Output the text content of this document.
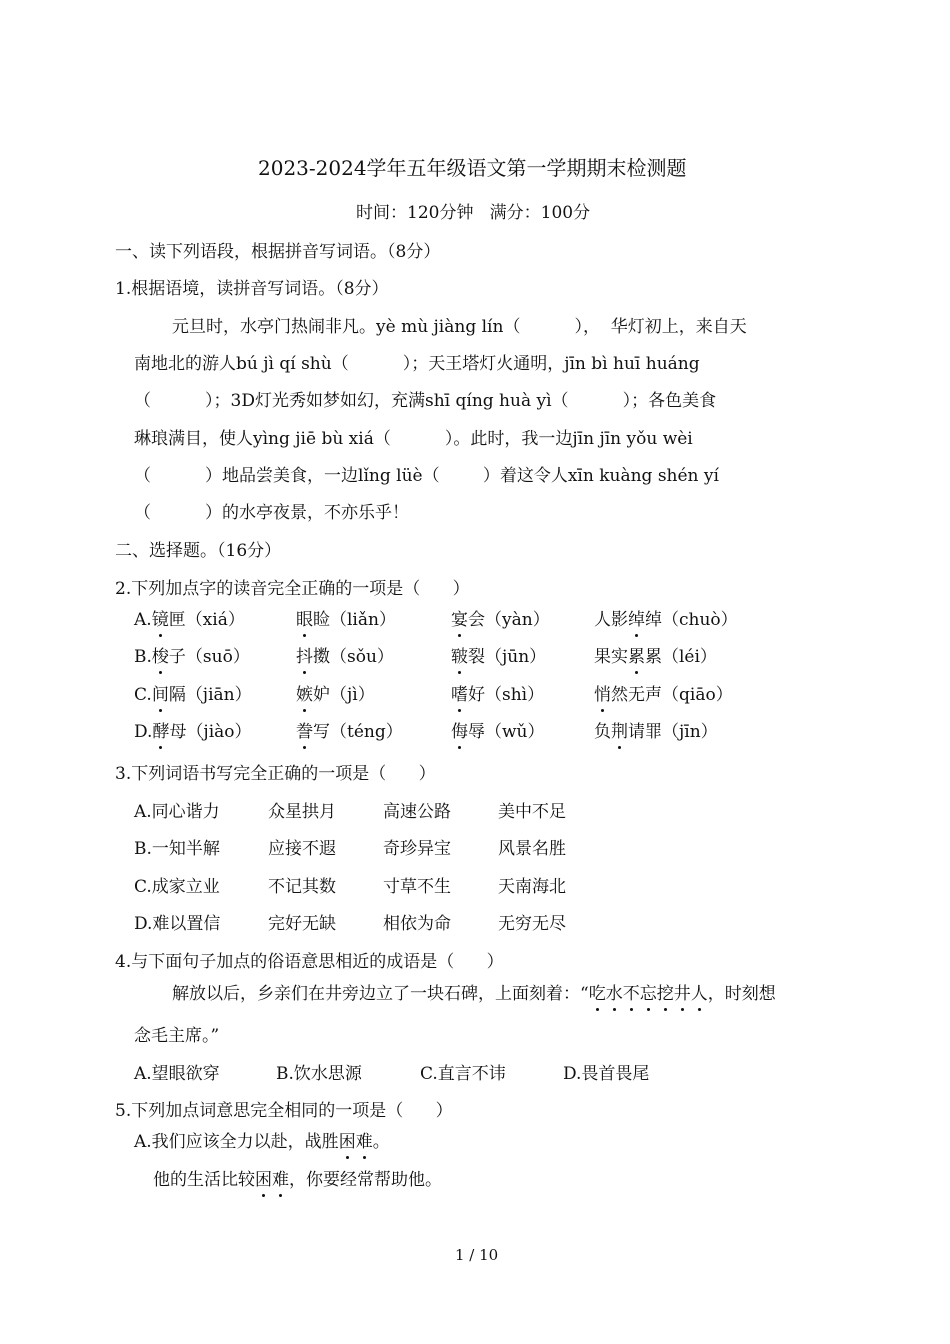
2023-2024学年五年级语文第一学期期末检测题
时间：120分钟   满分：100分
一、读下列语段，根据拼音写词语。（8分）
1.根据语境，读拼音写词语。（8分）
元旦时，水亭门热闹非凡。yè mù jiàng lín（          ），  华灯初上，来自天
南地北的游人bú jì qí shù（          ）；天王塔灯火通明，jīn bì huī huáng
（          ）；3D灯光秀如梦如幻，充满shī qíng huà yì（          ）；各色美食
琳琅满目，使人yìng jiē bù xiá（          ）。此时，我一边jīn jīn yǒu wèi
（          ）地品尝美食，一边lǐng lüè（        ）着这令人xīn kuàng shén yí
（          ）的水亭夜景，不亦乐乎！
二、选择题。（16分）
2.下列加点字的读音完全正确的一项是（      ）
A.镜匣（xiá）	眼睑（liǎn）	宴会（yàn）	人影绰绰（chuò）
B.梭子（suō）	抖擞（sǒu）	皲裂（jūn）	果实累累（léi）
C.间隔（jiān）	嫉妒（jì）	嗜好（shì）	悄然无声（qiāo）
D.酵母（jiào）	誊写（téng）	侮辱（wǔ）	负荆请罪（jīn）
3.下列词语书写完全正确的一项是（      ）
A.同心谐力	众星拱月	高速公路	美中不足
B.一知半解	应接不遐	奇珍异宝	风景名胜
C.成家立业	不记其数	寸草不生	天南海北
D.难以置信	完好无缺	相依为命	无穷无尽
4.与下面句子加点的俗语意思相近的成语是（      ）
解放以后，乡亲们在井旁边立了一块石碑，上面刻着：“吃水不忘挖井人，时刻想
念毛主席。”
A.望眼欲穿	B.饮水思源	C.直言不讳	D.畏首畏尾
5.下列加点词意思完全相同的一项是（      ）
A.我们应该全力以赴，战胜困难。
他的生活比较困难，你要经常帮助他。
1 / 10
